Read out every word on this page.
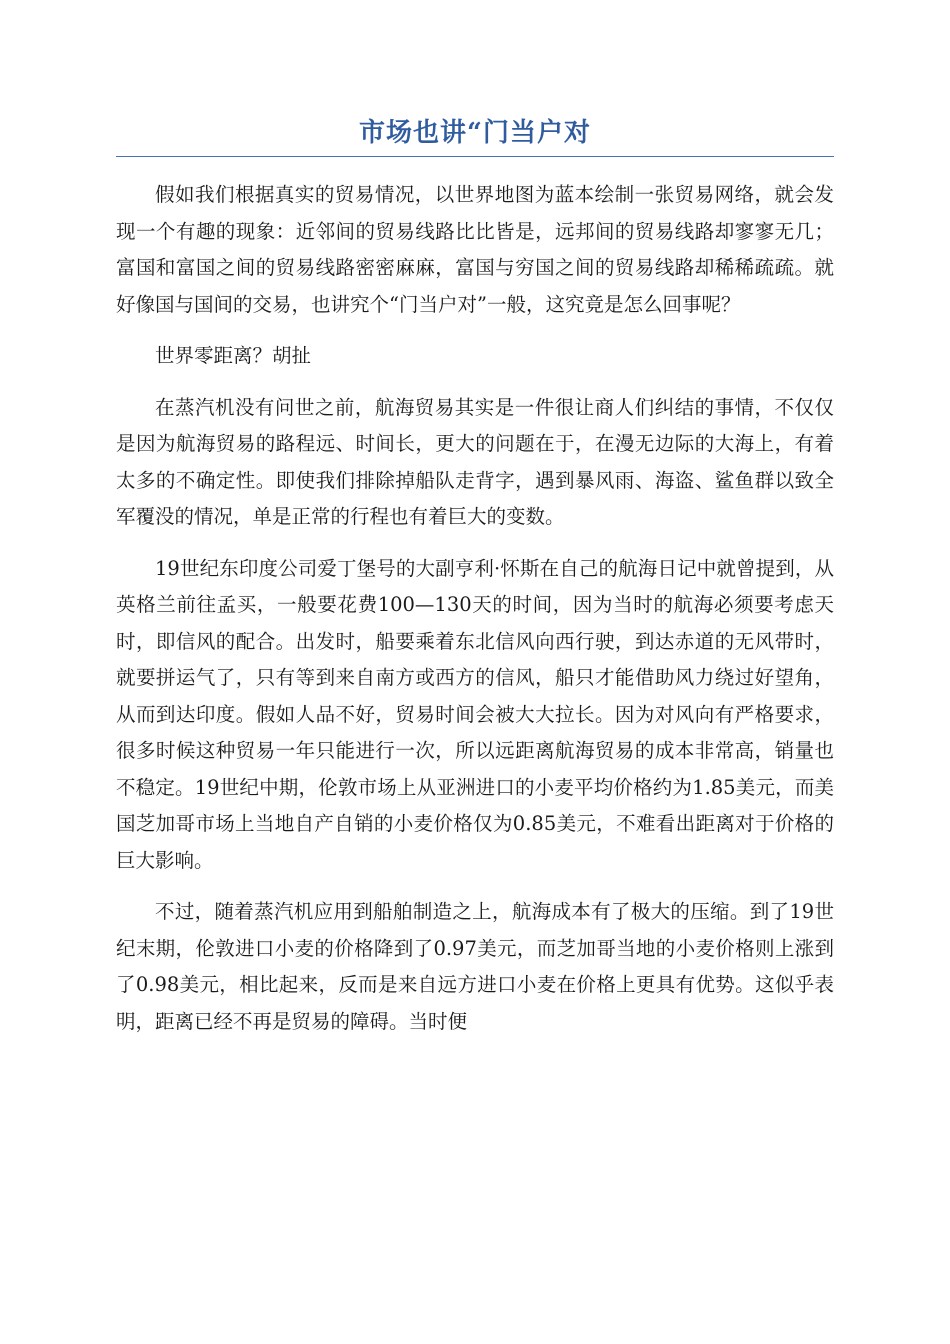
市场也讲“门当户对

假如我们根据真实的贸易情况，以世界地图为蓝本绘制一张贸易网络，就会发现一个有趣的现象：近邻间的贸易线路比比皆是，远邦间的贸易线路却寥寥无几；富国和富国之间的贸易线路密密麻麻，富国与穷国之间的贸易线路却稀稀疏疏。就好像国与国间的交易，也讲究个“门当户对”一般，这究竟是怎么回事呢？

世界零距离？胡扯

在蒸汽机没有问世之前，航海贸易其实是一件很让商人们纠结的事情，不仅仅是因为航海贸易的路程远、时间长，更大的问题在于，在漫无边际的大海上，有着太多的不确定性。即使我们排除掉船队走背字，遇到暴风雨、海盗、鲨鱼群以致全军覆没的情况，单是正常的行程也有着巨大的变数。

19世纪东印度公司爱丁堡号的大副亨利·怀斯在自己的航海日记中就曾提到，从英格兰前往孟买，一般要花费100—130天的时间，因为当时的航海必须要考虑天时，即信风的配合。出发时，船要乘着东北信风向西行驶，到达赤道的无风带时，就要拼运气了，只有等到来自南方或西方的信风，船只才能借助风力绕过好望角，从而到达印度。假如人品不好，贸易时间会被大大拉长。因为对风向有严格要求，很多时候这种贸易一年只能进行一次，所以远距离航海贸易的成本非常高，销量也不稳定。19世纪中期，伦敦市场上从亚洲进口的小麦平均价格约为1.85美元，而美国芝加哥市场上当地自产自销的小麦价格仅为0.85美元，不难看出距离对于价格的巨大影响。

不过，随着蒸汽机应用到船舶制造之上，航海成本有了极大的压缩。到了19世纪末期，伦敦进口小麦的价格降到了0.97美元，而芝加哥当地的小麦价格则上涨到了0.98美元，相比起来，反而是来自远方进口小麦在价格上更具有优势。这似乎表明，距离已经不再是贸易的障碍。当时便
